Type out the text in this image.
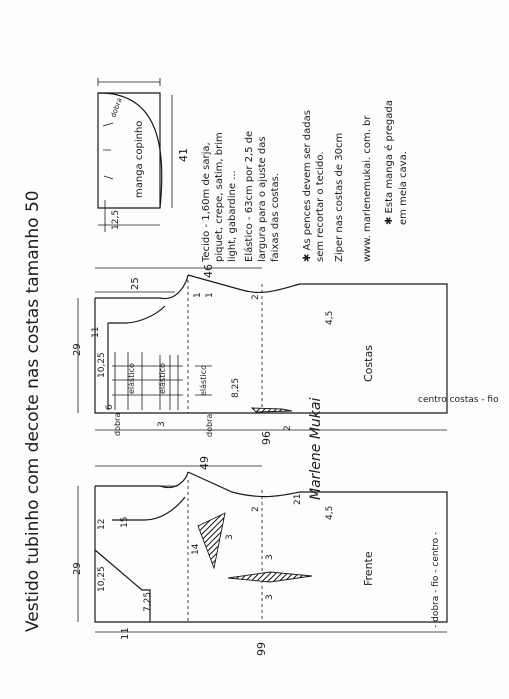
Vestido tubinho com decote nas costas tamanho 50
manga copinho
dobra
41
12,5	Tecido - 1,60m de sarja, piquet, crepe, satim, brim light, gabardine ... Elástico - 63cm por 2,5 de largura para o ajuste das faixas das costas. ✱ As pences devem ser dadas sem recortar o tecido. Ziper nas costas de 30cm www. marlenemukai. com. br ✱ Esta manga é pregada em meia cava.
Costas
centro costas - fio
elástico	elástico	elástico
dobra	dobra
96
46
25
29
11
10,25
8,25
4,5
2
2
6
3
1 1
Frente	- dobra - fio - centro -
99
49
29 10,25
7,25
12
11
15
14
4,5
2
3
3
3
21 Marlene Mukai
